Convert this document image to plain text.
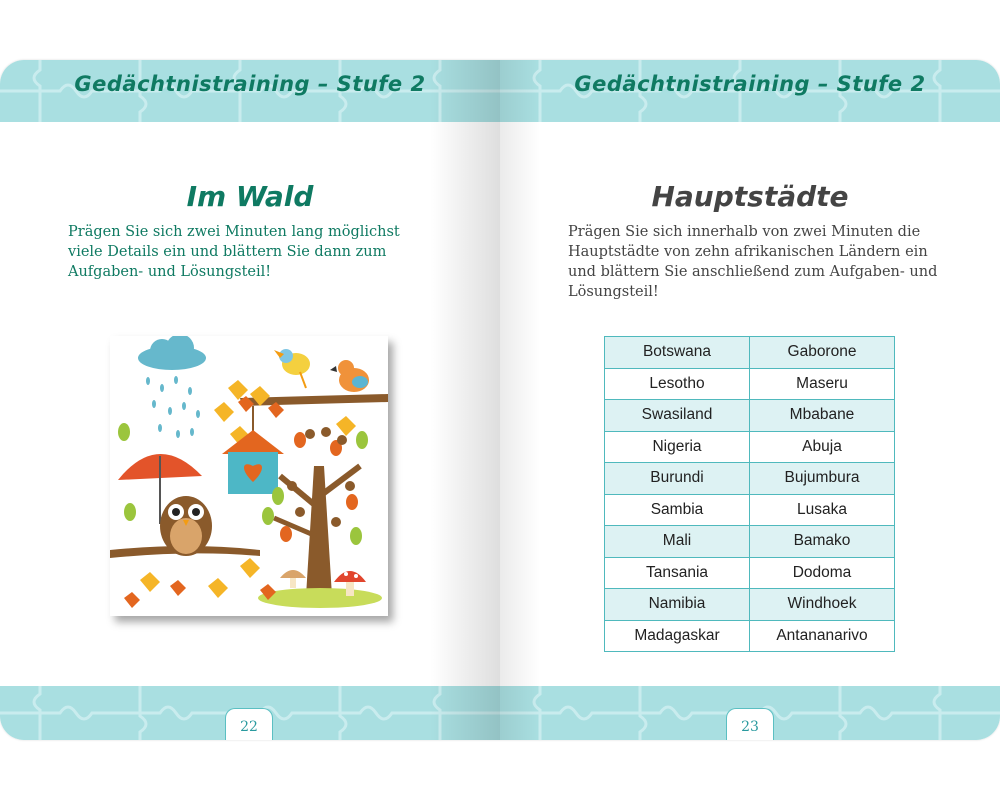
Gedächtnistraining – Stufe 2
Im Wald
Prägen Sie sich zwei Minuten lang möglichst viele Details ein und blättern Sie dann zum Aufgaben- und Lösungsteil!
22
Gedächtnistraining – Stufe 2
Hauptstädte
Prägen Sie sich innerhalb von zwei Minuten die Hauptstädte von zehn afrikanischen Ländern ein und blättern Sie anschließend zum Aufgaben- und Lösungsteil!
Botswana	Gaborone
Lesotho	Maseru
Swasiland	Mbabane
Nigeria	Abuja
Burundi	Bujumbura
Sambia	Lusaka
Mali	Bamako
Tansania	Dodoma
Namibia	Windhoek
Madagaskar	Antananarivo
23
